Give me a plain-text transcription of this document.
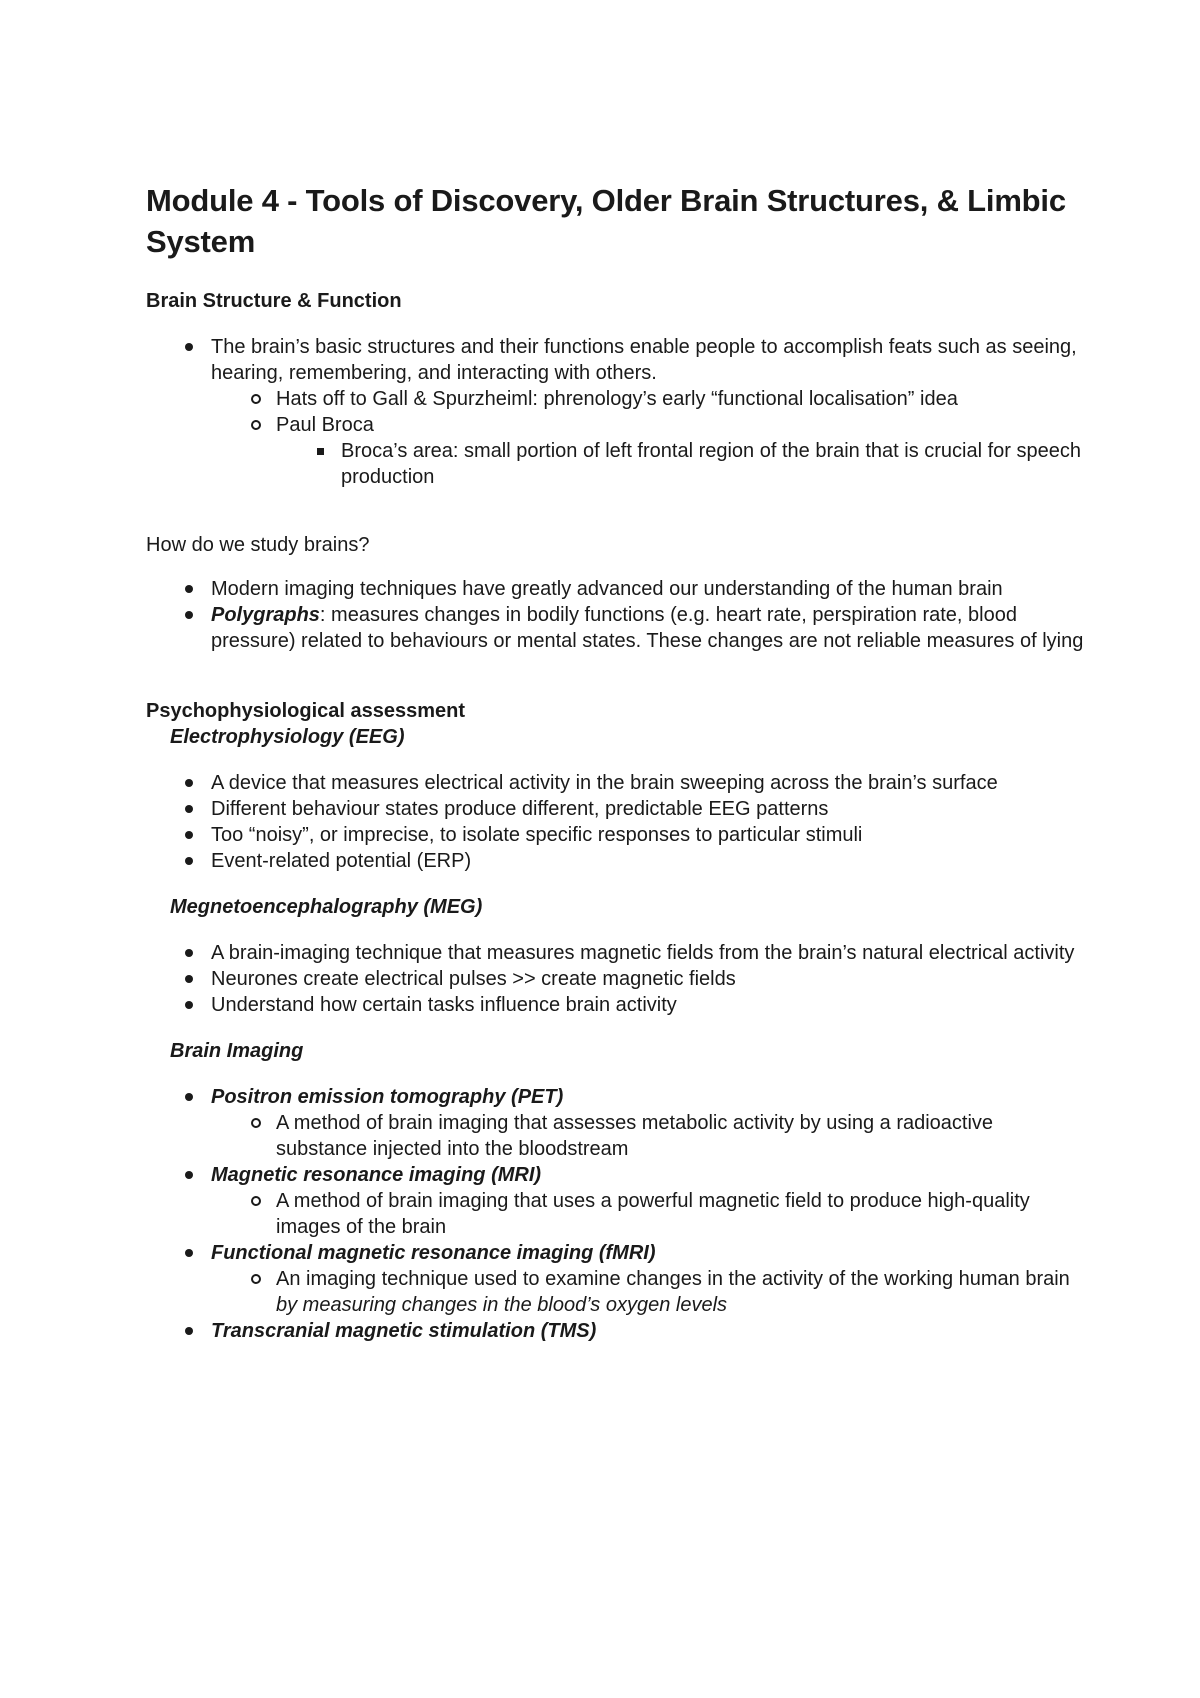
Module 4 - Tools of Discovery, Older Brain Structures, & Limbic System

Brain Structure & Function

The brain’s basic structures and their functions enable people to accomplish feats such as seeing, hearing, remembering, and interacting with others.
Hats off to Gall & Spurzheiml: phrenology’s early “functional localisation” idea
Paul Broca
Broca’s area: small portion of left frontal region of the brain that is crucial for speech production

How do we study brains?

Modern imaging techniques have greatly advanced our understanding of the human brain
Polygraphs: measures changes in bodily functions (e.g. heart rate, perspiration rate, blood pressure) related to behaviours or mental states. These changes are not reliable measures of lying

Psychophysiological assessment

Electrophysiology (EEG)

A device that measures electrical activity in the brain sweeping across the brain’s surface
Different behaviour states produce different, predictable EEG patterns
Too “noisy”, or imprecise, to isolate specific responses to particular stimuli
Event-related potential (ERP)

Megnetoencephalography (MEG)

A brain-imaging technique that measures magnetic fields from the brain’s natural electrical activity
Neurones create electrical pulses >> create magnetic fields
Understand how certain tasks influence brain activity

Brain Imaging

Positron emission tomography (PET)
A method of brain imaging that assesses metabolic activity by using a radioactive substance injected into the bloodstream
Magnetic resonance imaging (MRI)
A method of brain imaging that uses a powerful magnetic field to produce high-quality images of the brain
Functional magnetic resonance imaging (fMRI)
An imaging technique used to examine changes in the activity of the working human brain by measuring changes in the blood’s oxygen levels
Transcranial magnetic stimulation (TMS)
